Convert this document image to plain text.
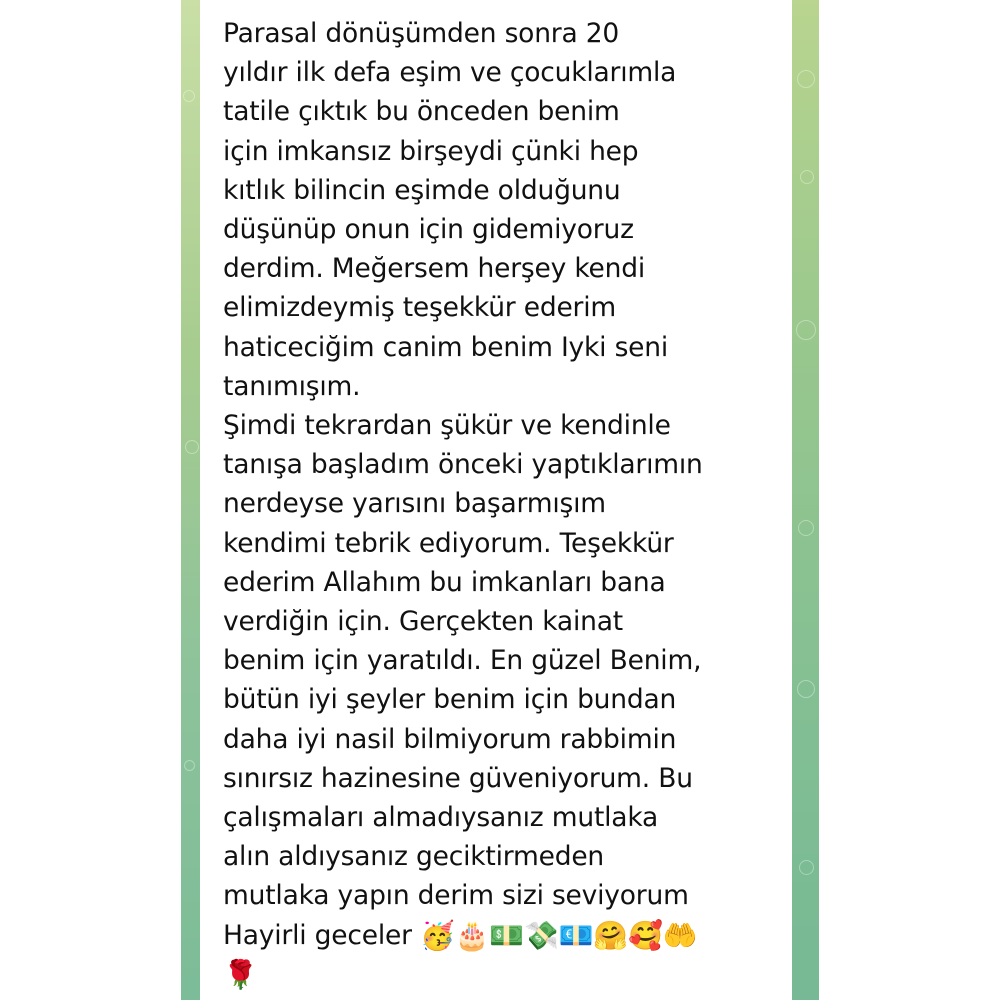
Parasal dönüşümden sonra 20
yıldır ilk defa eşim ve çocuklarımla
tatile çıktık bu önceden benim
için imkansız birşeydi çünki hep
kıtlık bilincin eşimde olduğunu
düşünüp onun için gidemiyoruz
derdim. Meğersem herşey kendi
elimizdeymiş teşekkür ederim
haticeciğim canim benim Iyki seni
tanımışım.
Şimdi tekrardan şükür ve kendinle
tanışa başladım önceki yaptıklarımın
nerdeyse yarısını başarmışım
kendimi tebrik ediyorum. Teşekkür
ederim Allahım bu imkanları bana
verdiğin için. Gerçekten kainat
benim için yaratıldı. En güzel Benim,
bütün iyi şeyler benim için bundan
daha iyi nasil bilmiyorum rabbimin
sınırsız hazinesine güveniyorum. Bu
çalışmaları almadıysanız mutlaka
alın aldıysanız geciktirmeden
mutlaka yapın derim sizi seviyorum
Hayirli geceler 🥳🎂💵💸💶🤗🥰🤲
🌹
